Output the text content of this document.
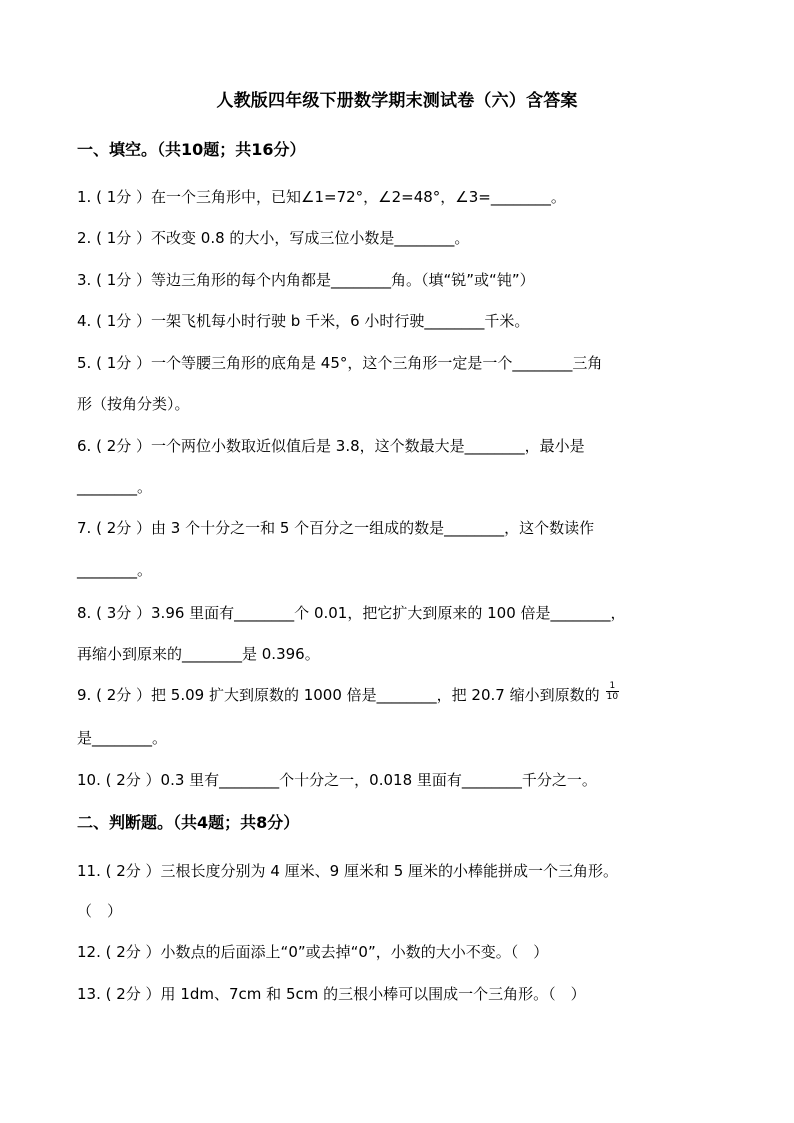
人教版四年级下册数学期末测试卷（六）含答案
一、填空。（共10题；共16分）
1. ( 1分 ）在一个三角形中，已知∠1=72°，∠2=48°，∠3=________。
2. ( 1分 ）不改变 0.8 的大小，写成三位小数是________。
3. ( 1分 ）等边三角形的每个内角都是________角。（填“锐”或“钝”）
4. ( 1分 ）一架飞机每小时行驶 b 千米，6 小时行驶________千米。
5. ( 1分 ）一个等腰三角形的底角是 45°，这个三角形一定是一个________三角
形（按角分类）。
6. ( 2分 ）一个两位小数取近似值后是 3.8，这个数最大是________，最小是
________。
7. ( 2分 ）由 3 个十分之一和 5 个百分之一组成的数是________，这个数读作
________。
8. ( 3分 ）3.96 里面有________个 0.01，把它扩大到原来的 100 倍是________，
再缩小到原来的________是 0.396。
9. ( 2分 ）把 5.09 扩大到原数的 1000 倍是________，把 20.7 缩小到原数的 $\frac{1}{10}$
是________。
10. ( 2分 ）0.3 里有________个十分之一，0.018 里面有________千分之一。
二、判断题。（共4题；共8分）
11. ( 2分 ）三根长度分别为 4 厘米、9 厘米和 5 厘米的小棒能拼成一个三角形。
（　）
12. ( 2分 ）小数点的后面添上“0”或去掉“0”，小数的大小不变。（　）
13. ( 2分 ）用 1dm、7cm 和 5cm 的三根小棒可以围成一个三角形。（　）
